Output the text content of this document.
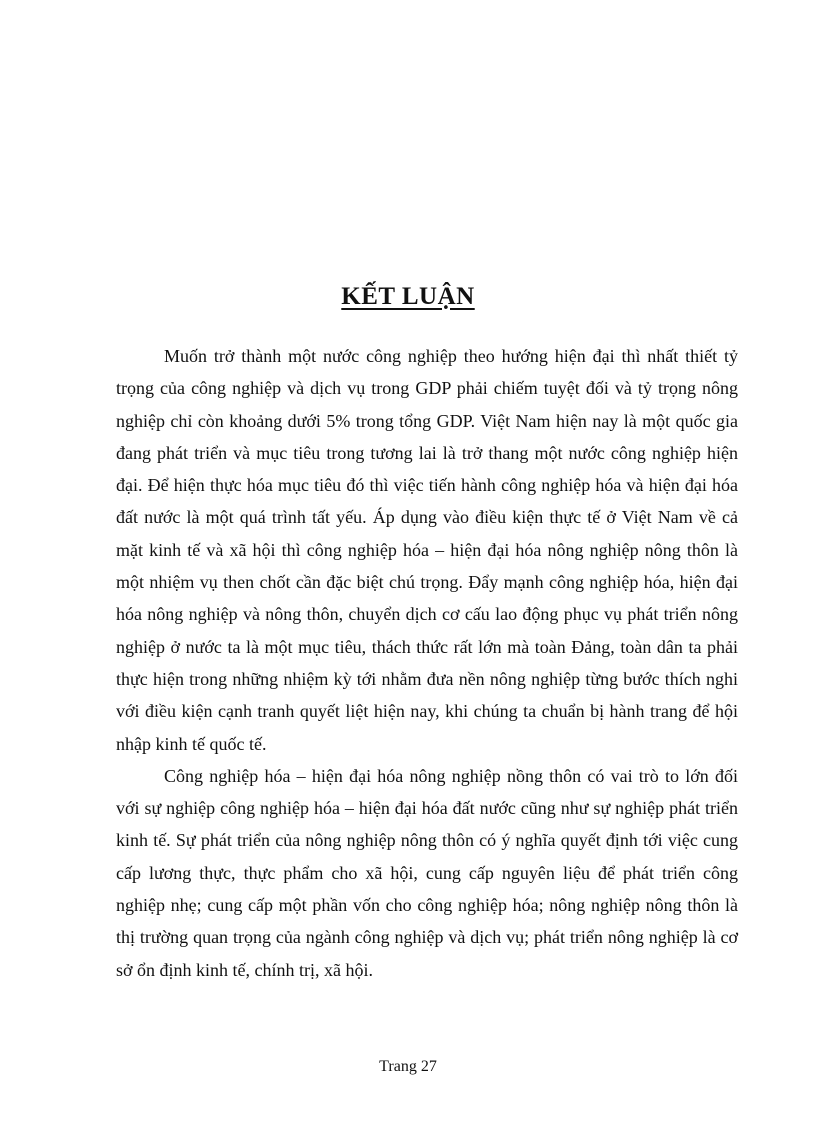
KẾT LUẬN

Muốn trở thành một nước công nghiệp theo hướng hiện đại thì nhất thiết tỷ trọng của công nghiệp và dịch vụ trong GDP phải chiếm tuyệt đối và tỷ trọng nông nghiệp chỉ còn khoảng dưới 5% trong tổng GDP. Việt Nam hiện nay là một quốc gia đang phát triển và mục tiêu trong tương lai là trở thang một nước công nghiệp hiện đại. Để hiện thực hóa mục tiêu đó thì việc tiến hành công nghiệp hóa và hiện đại hóa đất nước là một quá trình tất yếu. Áp dụng vào điều kiện thực tế ở Việt Nam về cả mặt kinh tế và xã hội thì công nghiệp hóa – hiện đại hóa nông nghiệp nông thôn là một nhiệm vụ then chốt cần đặc biệt chú trọng. Đẩy mạnh công nghiệp hóa, hiện đại hóa nông nghiệp và nông thôn, chuyển dịch cơ cấu lao động phục vụ phát triển nông nghiệp ở nước ta là một mục tiêu, thách thức rất lớn mà toàn Đảng, toàn dân ta phải thực hiện trong những nhiệm kỳ tới nhằm đưa nền nông nghiệp từng bước thích nghi với điều kiện cạnh tranh quyết liệt hiện nay, khi chúng ta chuẩn bị hành trang để hội nhập kinh tế quốc tế.

Công nghiệp hóa – hiện đại hóa nông nghiệp nồng thôn có vai trò to lớn đối với sự nghiệp công nghiệp hóa – hiện đại hóa đất nước cũng như sự nghiệp phát triển kinh tế. Sự phát triển của nông nghiệp nông thôn có ý nghĩa quyết định tới việc cung cấp lương thực, thực phẩm cho xã hội, cung cấp nguyên liệu để phát triển công nghiệp nhẹ; cung cấp một phần vốn cho công nghiệp hóa; nông nghiệp nông thôn là thị trường quan trọng của ngành công nghiệp và dịch vụ; phát triển nông nghiệp là cơ sở ổn định kinh tế, chính trị, xã hội.

Trang 27
